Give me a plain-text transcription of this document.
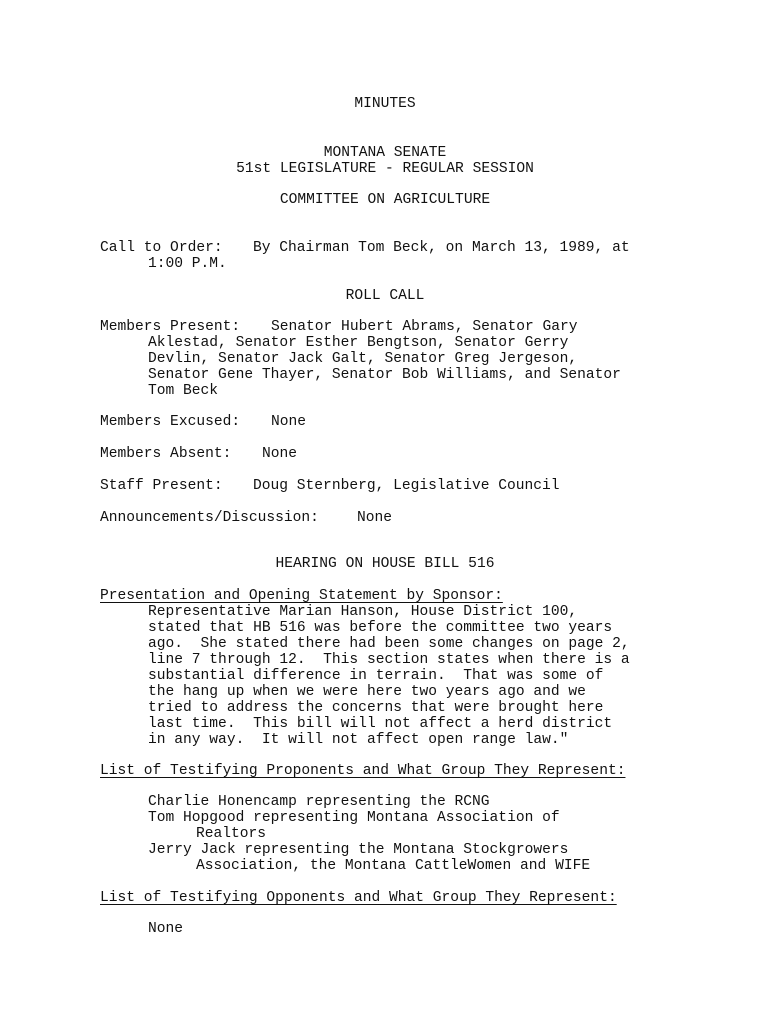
MINUTES
MONTANA SENATE
51st LEGISLATURE - REGULAR SESSION
COMMITTEE ON AGRICULTURE
Call to Order: By Chairman Tom Beck, on March 13, 1989, at
1:00 P.M.
ROLL CALL
Members Present: Senator Hubert Abrams, Senator Gary
Aklestad, Senator Esther Bengtson, Senator Gerry
Devlin, Senator Jack Galt, Senator Greg Jergeson,
Senator Gene Thayer, Senator Bob Williams, and Senator
Tom Beck
Members Excused: None
Members Absent: None
Staff Present: Doug Sternberg, Legislative Council
Announcements/Discussion:	None
HEARING ON HOUSE BILL 516
Presentation and Opening Statement by Sponsor:
Representative Marian Hanson, House District 100,
stated that HB 516 was before the committee two years
ago.  She stated there had been some changes on page 2,
line 7 through 12.  This section states when there is a
substantial difference in terrain.  That was some of
the hang up when we were here two years ago and we
tried to address the concerns that were brought here
last time.  This bill will not affect a herd district
in any way.  It will not affect open range law."
List of Testifying Proponents and What Group They Represent:
Charlie Honencamp representing the RCNG
Tom Hopgood representing Montana Association of
Realtors
Jerry Jack representing the Montana Stockgrowers
Association, the Montana CattleWomen and WIFE
List of Testifying Opponents and What Group They Represent:
None
